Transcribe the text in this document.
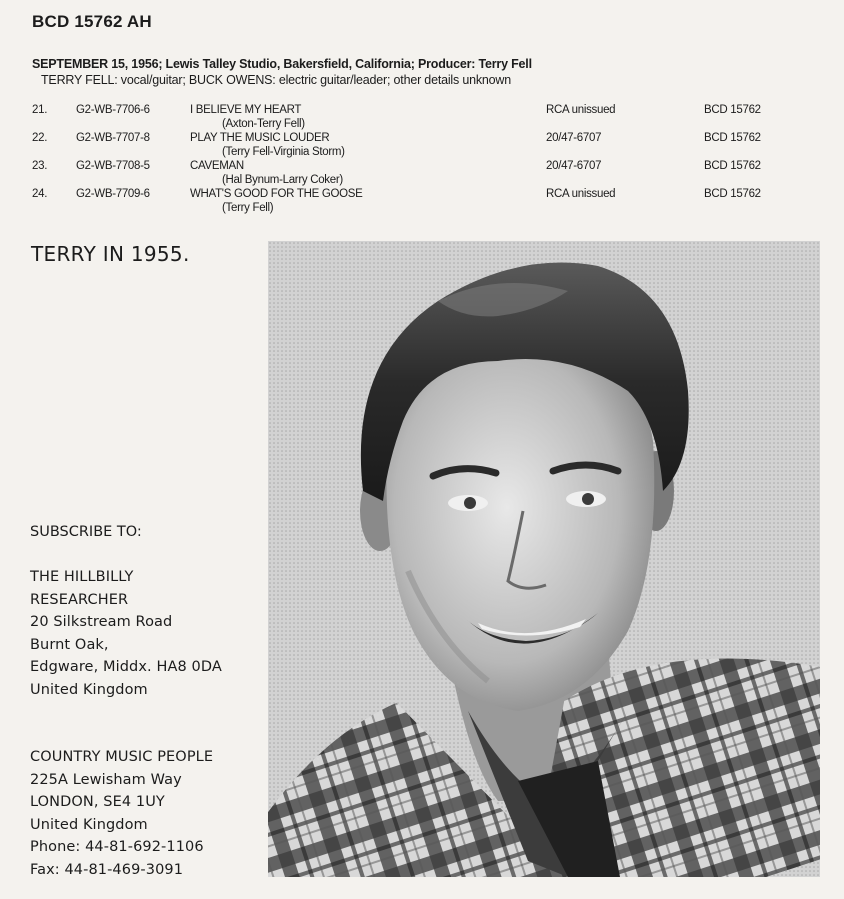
BCD 15762 AH
SEPTEMBER 15, 1956; Lewis Talley Studio, Bakersfield, California; Producer: Terry Fell
TERRY FELL: vocal/guitar; BUCK OWENS: electric guitar/leader; other details unknown
21.	G2-WB-7706-6	I BELIEVE MY HEART
(Axton-Terry Fell)
RCA unissued	BCD 15762
22.	G2-WB-7707-8	PLAY THE MUSIC LOUDER
(Terry Fell-Virginia Storm)
20/47-6707	BCD 15762
23.	G2-WB-7708-5	CAVEMAN
(Hal Bynum-Larry Coker)
20/47-6707	BCD 15762
24.	G2-WB-7709-6	WHAT'S GOOD FOR THE GOOSE
(Terry Fell)
RCA unissued	BCD 15762
TERRY IN 1955.
SUBSCRIBE TO:
THE HILLBILLY
RESEARCHER
20 Silkstream Road
Burnt Oak,
Edgware, Middx. HA8 0DA
United Kingdom
COUNTRY MUSIC PEOPLE
225A Lewisham Way
LONDON, SE4 1UY
United Kingdom
Phone: 44-81-692-1106
Fax: 44-81-469-3091
